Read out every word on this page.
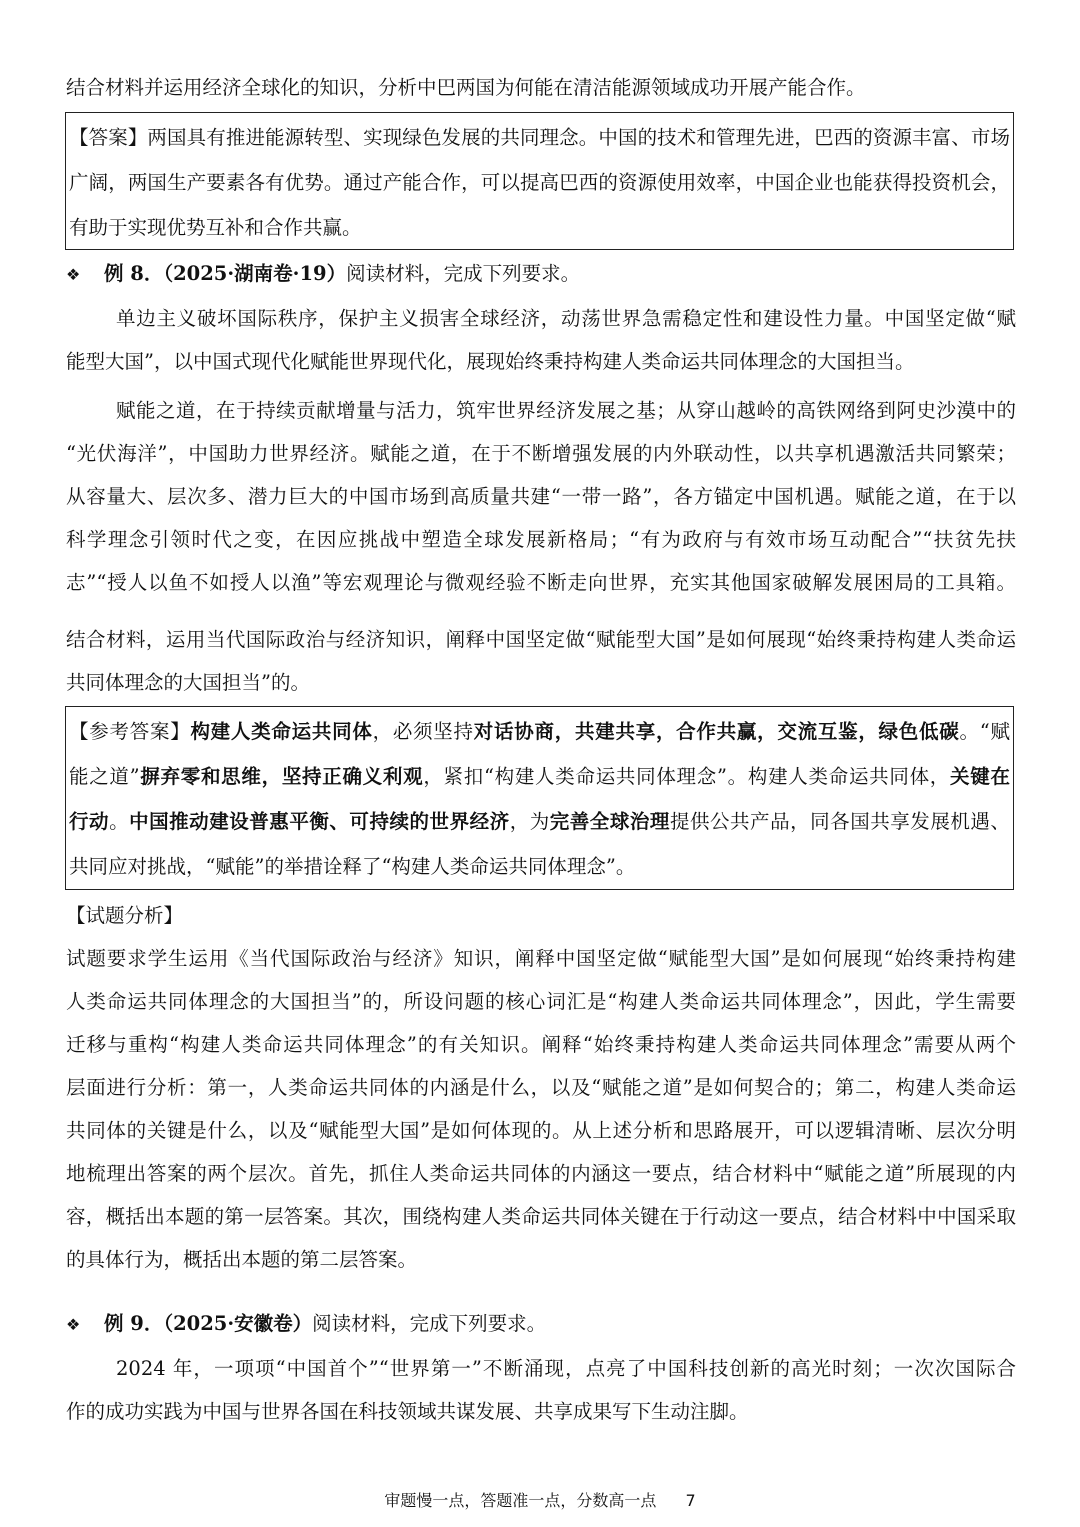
结合材料并运用经济全球化的知识，分析中巴两国为何能在清洁能源领域成功开展产能合作。
【答案】两国具有推进能源转型、实现绿色发展的共同理念。中国的技术和管理先进，巴西的资源丰富、市场
广阔，两国生产要素各有优势。通过产能合作，可以提高巴西的资源使用效率，中国企业也能获得投资机会，
有助于实现优势互补和合作共赢。
❖ 例 8．（2025·湖南卷·19）阅读材料，完成下列要求。
单边主义破坏国际秩序，保护主义损害全球经济，动荡世界急需稳定性和建设性力量。中国坚定做“赋
能型大国”，以中国式现代化赋能世界现代化，展现始终秉持构建人类命运共同体理念的大国担当。
赋能之道，在于持续贡献增量与活力，筑牢世界经济发展之基；从穿山越岭的高铁网络到阿史沙漠中的
“光伏海洋”，中国助力世界经济。赋能之道，在于不断增强发展的内外联动性，以共享机遇激活共同繁荣；
从容量大、层次多、潜力巨大的中国市场到高质量共建“一带一路”，各方锚定中国机遇。赋能之道，在于以
科学理念引领时代之变，在因应挑战中塑造全球发展新格局；“有为政府与有效市场互动配合”“扶贫先扶
志”“授人以鱼不如授人以渔”等宏观理论与微观经验不断走向世界，充实其他国家破解发展困局的工具箱。
结合材料，运用当代国际政治与经济知识，阐释中国坚定做“赋能型大国”是如何展现“始终秉持构建人类命运
共同体理念的大国担当”的。
【参考答案】构建人类命运共同体，必须坚持对话协商，共建共享，合作共赢，交流互鉴，绿色低碳。“赋
能之道”摒弃零和思维，坚持正确义利观，紧扣“构建人类命运共同体理念”。构建人类命运共同体，关键在
行动。中国推动建设普惠平衡、可持续的世界经济，为完善全球治理提供公共产品，同各国共享发展机遇、
共同应对挑战，“赋能”的举措诠释了“构建人类命运共同体理念”。
【试题分析】
试题要求学生运用《当代国际政治与经济》知识，阐释中国坚定做“赋能型大国”是如何展现“始终秉持构建
人类命运共同体理念的大国担当”的，所设问题的核心词汇是“构建人类命运共同体理念”，因此，学生需要
迁移与重构“构建人类命运共同体理念”的有关知识。阐释“始终秉持构建人类命运共同体理念”需要从两个
层面进行分析：第一，人类命运共同体的内涵是什么，以及“赋能之道”是如何契合的；第二，构建人类命运
共同体的关键是什么，以及“赋能型大国”是如何体现的。从上述分析和思路展开，可以逻辑清晰、层次分明
地梳理出答案的两个层次。首先，抓住人类命运共同体的内涵这一要点，结合材料中“赋能之道”所展现的内
容，概括出本题的第一层答案。其次，围绕构建人类命运共同体关键在于行动这一要点，结合材料中中国采取
的具体行为，概括出本题的第二层答案。
❖ 例 9．（2025·安徽卷）阅读材料，完成下列要求。
2024 年，一项项“中国首个”“世界第一”不断涌现，点亮了中国科技创新的高光时刻；一次次国际合
作的成功实践为中国与世界各国在科技领域共谋发展、共享成果写下生动注脚。
审题慢一点，答题准一点，分数高一点 7
